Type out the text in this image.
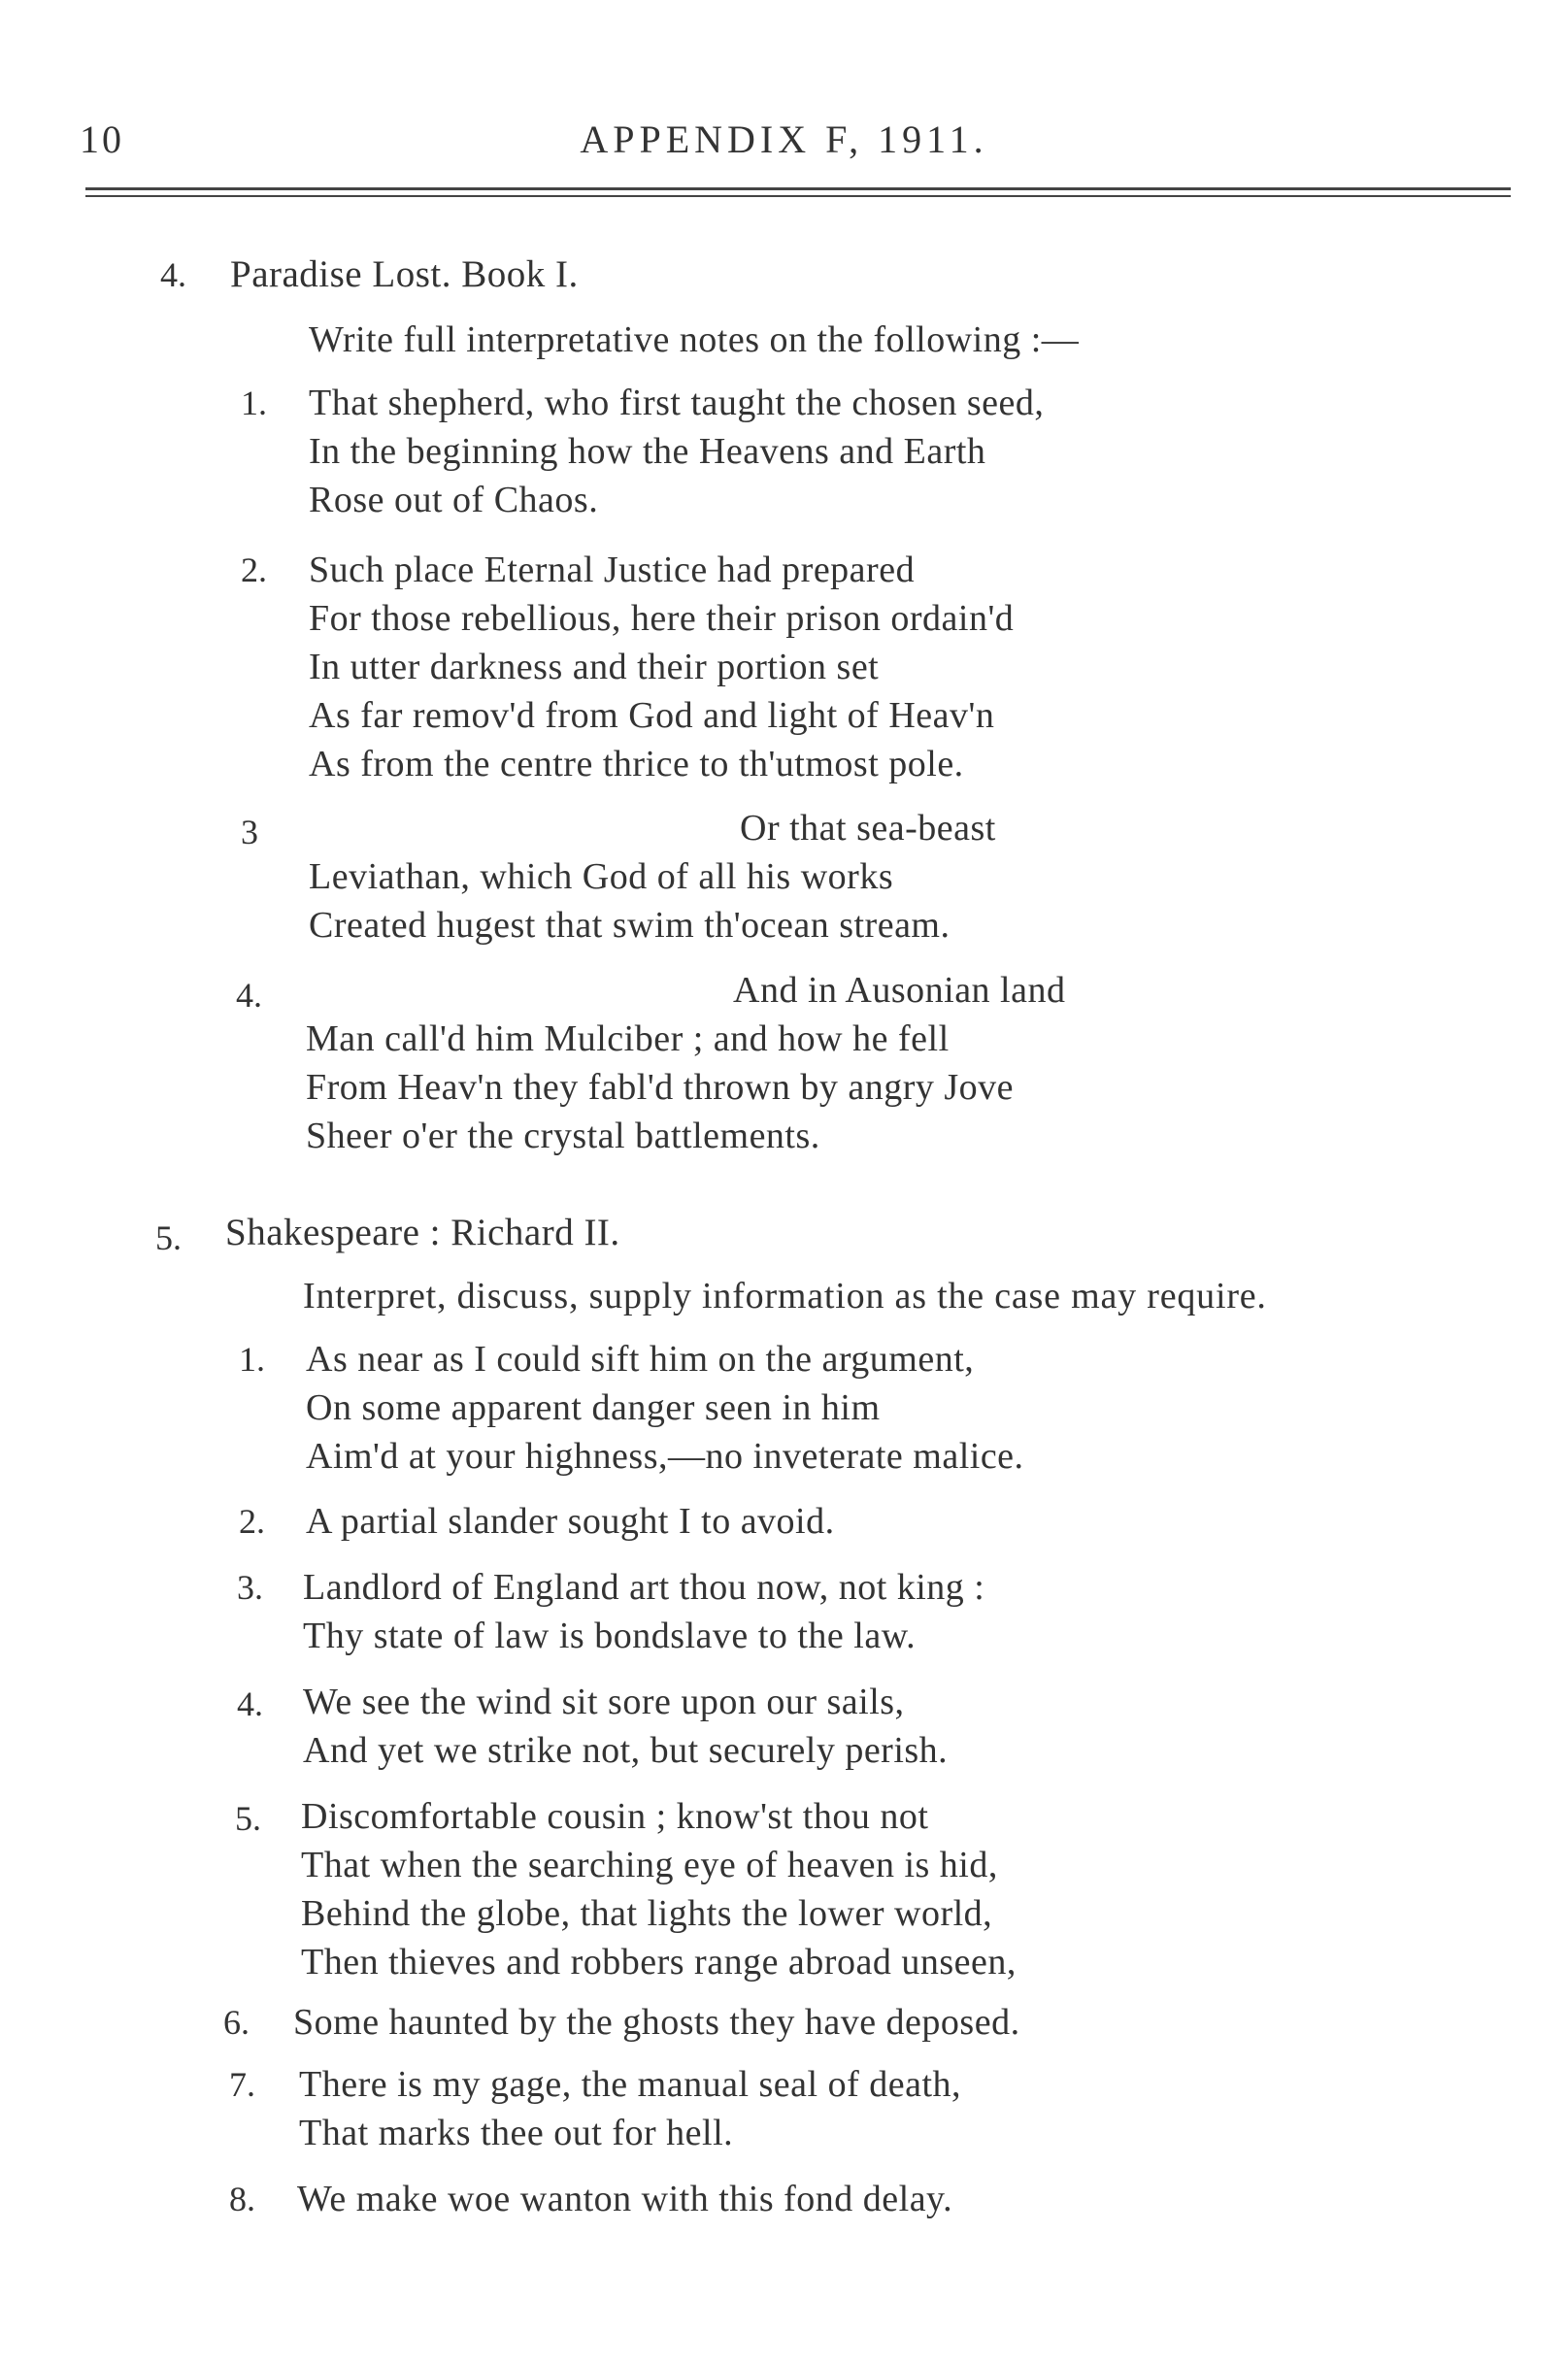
10	APPENDIX F, 1911.
4. Paradise Lost. Book I.
Write full interpretative notes on the following :—
1. That shepherd, who first taught the chosen seed,
In the beginning how the Heavens and Earth
Rose out of Chaos.
2. Such place Eternal Justice had prepared
For those rebellious, here their prison ordain'd
In utter darkness and their portion set
As far remov'd from God and light of Heav'n
As from the centre thrice to th'utmost pole.
3	Or that sea-beast
Leviathan, which God of all his works
Created hugest that swim th'ocean stream.
4.	And in Ausonian land
Man call'd him Mulciber ; and how he fell
From Heav'n they fabl'd thrown by angry Jove
Sheer o'er the crystal battlements.
5. Shakespeare : Richard II.
Interpret, discuss, supply information as the case may require.
1. As near as I could sift him on the argument,
On some apparent danger seen in him
Aim'd at your highness,—no inveterate malice.
2. A partial slander sought I to avoid.
3. Landlord of England art thou now, not king :
Thy state of law is bondslave to the law.
4. We see the wind sit sore upon our sails,
And yet we strike not, but securely perish.
5. Discomfortable cousin ; know'st thou not
That when the searching eye of heaven is hid,
Behind the globe, that lights the lower world,
Then thieves and robbers range abroad unseen,
6. Some haunted by the ghosts they have deposed.
7. There is my gage, the manual seal of death,
That marks thee out for hell.
8. We make woe wanton with this fond delay.
